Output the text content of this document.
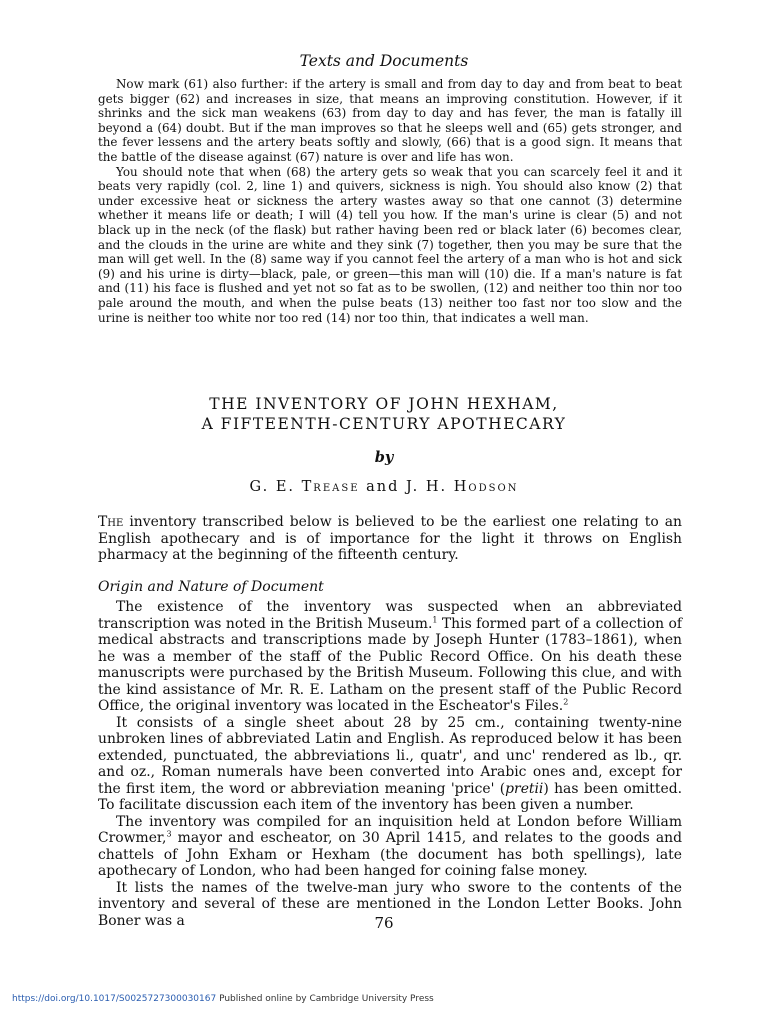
Texts and Documents

Now mark (61) also further: if the artery is small and from day to day and from beat to beat gets bigger (62) and increases in size, that means an improving constitution. However, if it shrinks and the sick man weakens (63) from day to day and has fever, the man is fatally ill beyond a (64) doubt. But if the man improves so that he sleeps well and (65) gets stronger, and the fever lessens and the artery beats softly and slowly, (66) that is a good sign. It means that the battle of the disease against (67) nature is over and life has won.

You should note that when (68) the artery gets so weak that you can scarcely feel it and it beats very rapidly (col. 2, line 1) and quivers, sickness is nigh. You should also know (2) that under excessive heat or sickness the artery wastes away so that one cannot (3) determine whether it means life or death; I will (4) tell you how. If the man's urine is clear (5) and not black up in the neck (of the flask) but rather having been red or black later (6) becomes clear, and the clouds in the urine are white and they sink (7) together, then you may be sure that the man will get well. In the (8) same way if you cannot feel the artery of a man who is hot and sick (9) and his urine is dirty—black, pale, or green—this man will (10) die. If a man's nature is fat and (11) his face is flushed and yet not so fat as to be swollen, (12) and neither too thin nor too pale around the mouth, and when the pulse beats (13) neither too fast nor too slow and the urine is neither too white nor too red (14) nor too thin, that indicates a well man.

THE INVENTORY OF JOHN HEXHAM,
A FIFTEENTH-CENTURY APOTHECARY
by
G. E. Trease and J. H. Hodson

The inventory transcribed below is believed to be the earliest one relating to an English apothecary and is of importance for the light it throws on English pharmacy at the beginning of the fifteenth century.

Origin and Nature of Document

The existence of the inventory was suspected when an abbreviated transcription was noted in the British Museum.$^1$ This formed part of a collection of medical abstracts and transcriptions made by Joseph Hunter (1783–1861), when he was a member of the staff of the Public Record Office. On his death these manuscripts were purchased by the British Museum. Following this clue, and with the kind assistance of Mr. R. E. Latham on the present staff of the Public Record Office, the original inventory was located in the Escheator's Files.$^2$

It consists of a single sheet about 28 by 25 cm., containing twenty-nine unbroken lines of abbreviated Latin and English. As reproduced below it has been extended, punctuated, the abbreviations li., quatr', and unc' rendered as lb., qr. and oz., Roman numerals have been converted into Arabic ones and, except for the first item, the word or abbreviation meaning 'price' (pretii) has been omitted. To facilitate discussion each item of the inventory has been given a number.

The inventory was compiled for an inquisition held at London before William Crowmer,$^3$ mayor and escheator, on 30 April 1415, and relates to the goods and chattels of John Exham or Hexham (the document has both spellings), late apothecary of London, who had been hanged for coining false money.

It lists the names of the twelve-man jury who swore to the contents of the inventory and several of these are mentioned in the London Letter Books. John Boner was a	76
https://doi.org/10.1017/S0025727300030167 Published online by Cambridge University Press
